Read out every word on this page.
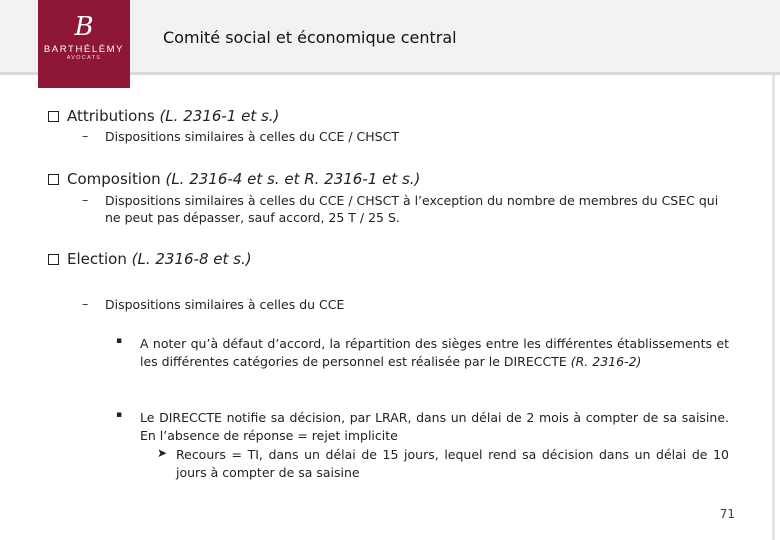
B
BARTHÉLÉMY
AVOCATS
Comité social et économique central
Attributions (L. 2316-1 et s.)
– Dispositions similaires à celles du CCE / CHSCT
Composition (L. 2316-4 et s. et R. 2316-1 et s.)
– Dispositions similaires à celles du CCE / CHSCT à l’exception du nombre de membres du CSEC qui ne peut pas dépasser, sauf accord, 25 T / 25 S.
Election (L. 2316-8 et s.)
– Dispositions similaires à celles du CCE
▪ A noter qu’à défaut d’accord, la répartition des sièges entre les différentes établissements et les différentes catégories de personnel est réalisée par le DIRECCTE (R. 2316-2)
▪ Le DIRECCTE notifie sa décision, par LRAR, dans un délai de 2 mois à compter de sa saisine. En l’absence de réponse = rejet implicite
➤ Recours = TI, dans un délai de 15 jours, lequel rend sa décision dans un délai de 10 jours à compter de sa saisine
71
